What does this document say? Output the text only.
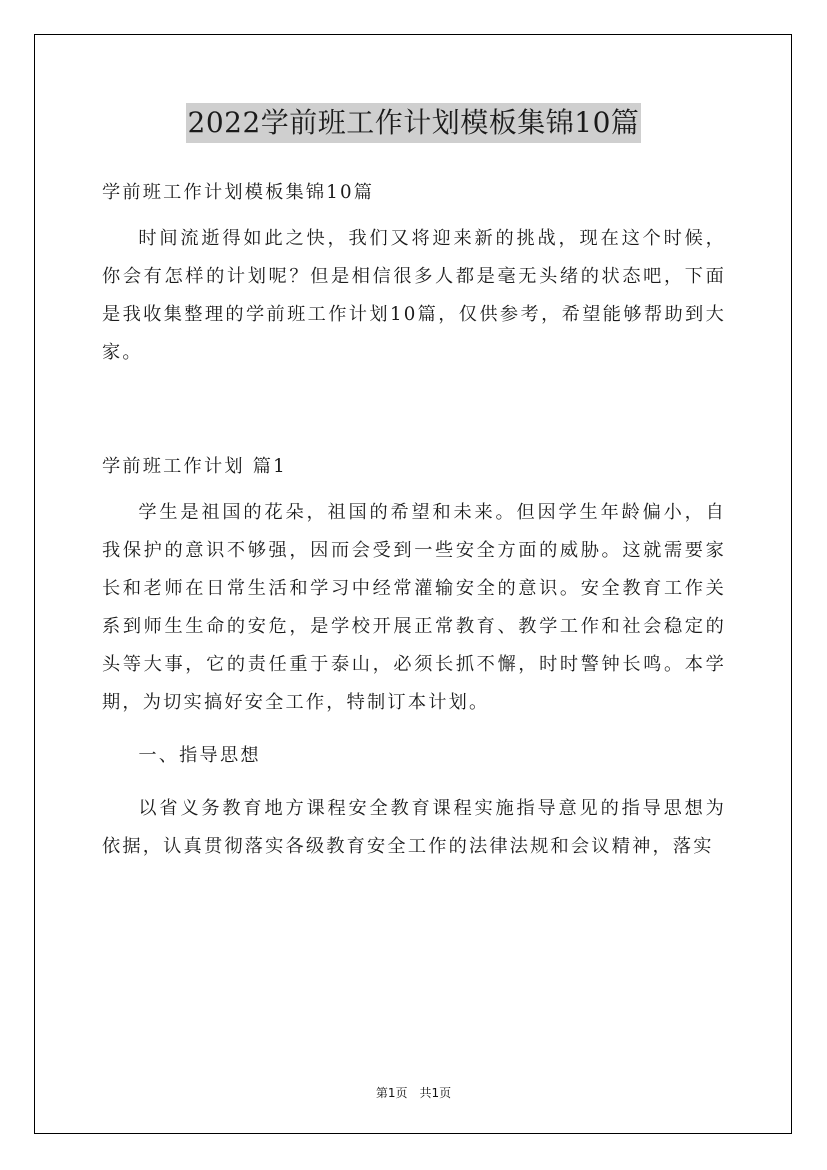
2022学前班工作计划模板集锦10篇

学前班工作计划模板集锦10篇

时间流逝得如此之快，我们又将迎来新的挑战，现在这个时候，你会有怎样的计划呢？但是相信很多人都是毫无头绪的状态吧，下面是我收集整理的学前班工作计划10篇，仅供参考，希望能够帮助到大家。

学前班工作计划 篇1

学生是祖国的花朵，祖国的希望和未来。但因学生年龄偏小，自我保护的意识不够强，因而会受到一些安全方面的威胁。这就需要家长和老师在日常生活和学习中经常灌输安全的意识。安全教育工作关系到师生生命的安危，是学校开展正常教育、教学工作和社会稳定的头等大事，它的责任重于泰山，必须长抓不懈，时时警钟长鸣。本学期，为切实搞好安全工作，特制订本计划。

一、指导思想

以省义务教育地方课程安全教育课程实施指导意见的指导思想为依据，认真贯彻落实各级教育安全工作的法律法规和会议精神，落实

第1页　共1页
